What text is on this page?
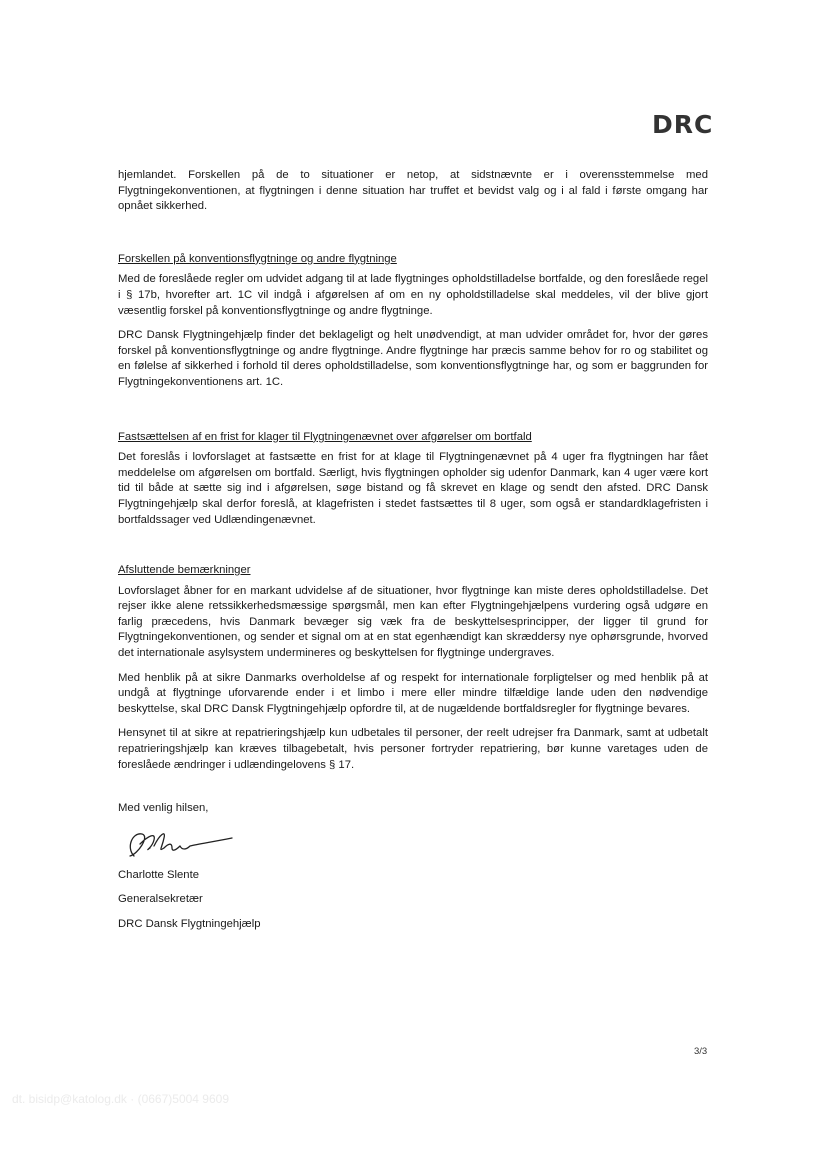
DRC

hjemlandet. Forskellen på de to situationer er netop, at sidstnævnte er i overensstemmelse med Flygtningekonventionen, at flygtningen i denne situation har truffet et bevidst valg og i al fald i første omgang har opnået sikkerhed.

Forskellen på konventionsflygtninge og andre flygtninge

Med de foreslåede regler om udvidet adgang til at lade flygtninges opholdstilladelse bortfalde, og den foreslåede regel i § 17b, hvorefter art. 1C vil indgå i afgørelsen af om en ny opholdstilladelse skal meddeles, vil der blive gjort væsentlig forskel på konventionsflygtninge og andre flygtninge.

DRC Dansk Flygtningehjælp finder det beklageligt og helt unødvendigt, at man udvider området for, hvor der gøres forskel på konventionsflygtninge og andre flygtninge. Andre flygtninge har præcis samme behov for ro og stabilitet og en følelse af sikkerhed i forhold til deres opholdstilladelse, som konventionsflygtninge har, og som er baggrunden for Flygtningekonventionens art. 1C.

Fastsættelsen af en frist for klager til Flygtningenævnet over afgørelser om bortfald

Det foreslås i lovforslaget at fastsætte en frist for at klage til Flygtningenævnet på 4 uger fra flygtningen har fået meddelelse om afgørelsen om bortfald. Særligt, hvis flygtningen opholder sig udenfor Danmark, kan 4 uger være kort tid til både at sætte sig ind i afgørelsen, søge bistand og få skrevet en klage og sendt den afsted. DRC Dansk Flygtningehjælp skal derfor foreslå, at klagefristen i stedet fastsættes til 8 uger, som også er standardklagefristen i bortfaldssager ved Udlændingenævnet.

Afsluttende bemærkninger

Lovforslaget åbner for en markant udvidelse af de situationer, hvor flygtninge kan miste deres opholdstilladelse. Det rejser ikke alene retssikkerhedsmæssige spørgsmål, men kan efter Flygtningehjælpens vurdering også udgøre en farlig præcedens, hvis Danmark bevæger sig væk fra de beskyttelsesprincipper, der ligger til grund for Flygtningekonventionen, og sender et signal om at en stat egenhændigt kan skræddersy nye ophørsgrunde, hvorved det internationale asylsystem undermineres og beskyttelsen for flygtninge undergraves.

Med henblik på at sikre Danmarks overholdelse af og respekt for internationale forpligtelser og med henblik på at undgå at flygtninge uforvarende ender i et limbo i mere eller mindre tilfældige lande uden den nødvendige beskyttelse, skal DRC Dansk Flygtningehjælp opfordre til, at de nugældende bortfaldsregler for flygtninge bevares.

Hensynet til at sikre at repatrieringshjælp kun udbetales til personer, der reelt udrejser fra Danmark, samt at udbetalt repatrieringshjælp kan kræves tilbagebetalt, hvis personer fortryder repatriering, bør kunne varetages uden de foreslåede ændringer i udlændingelovens § 17.

Med venlig hilsen,

Charlotte Slente

Generalsekretær

DRC Dansk Flygtningehjælp

3/3
dt. bisidp@katolog.dk · (0667)5004 9609
